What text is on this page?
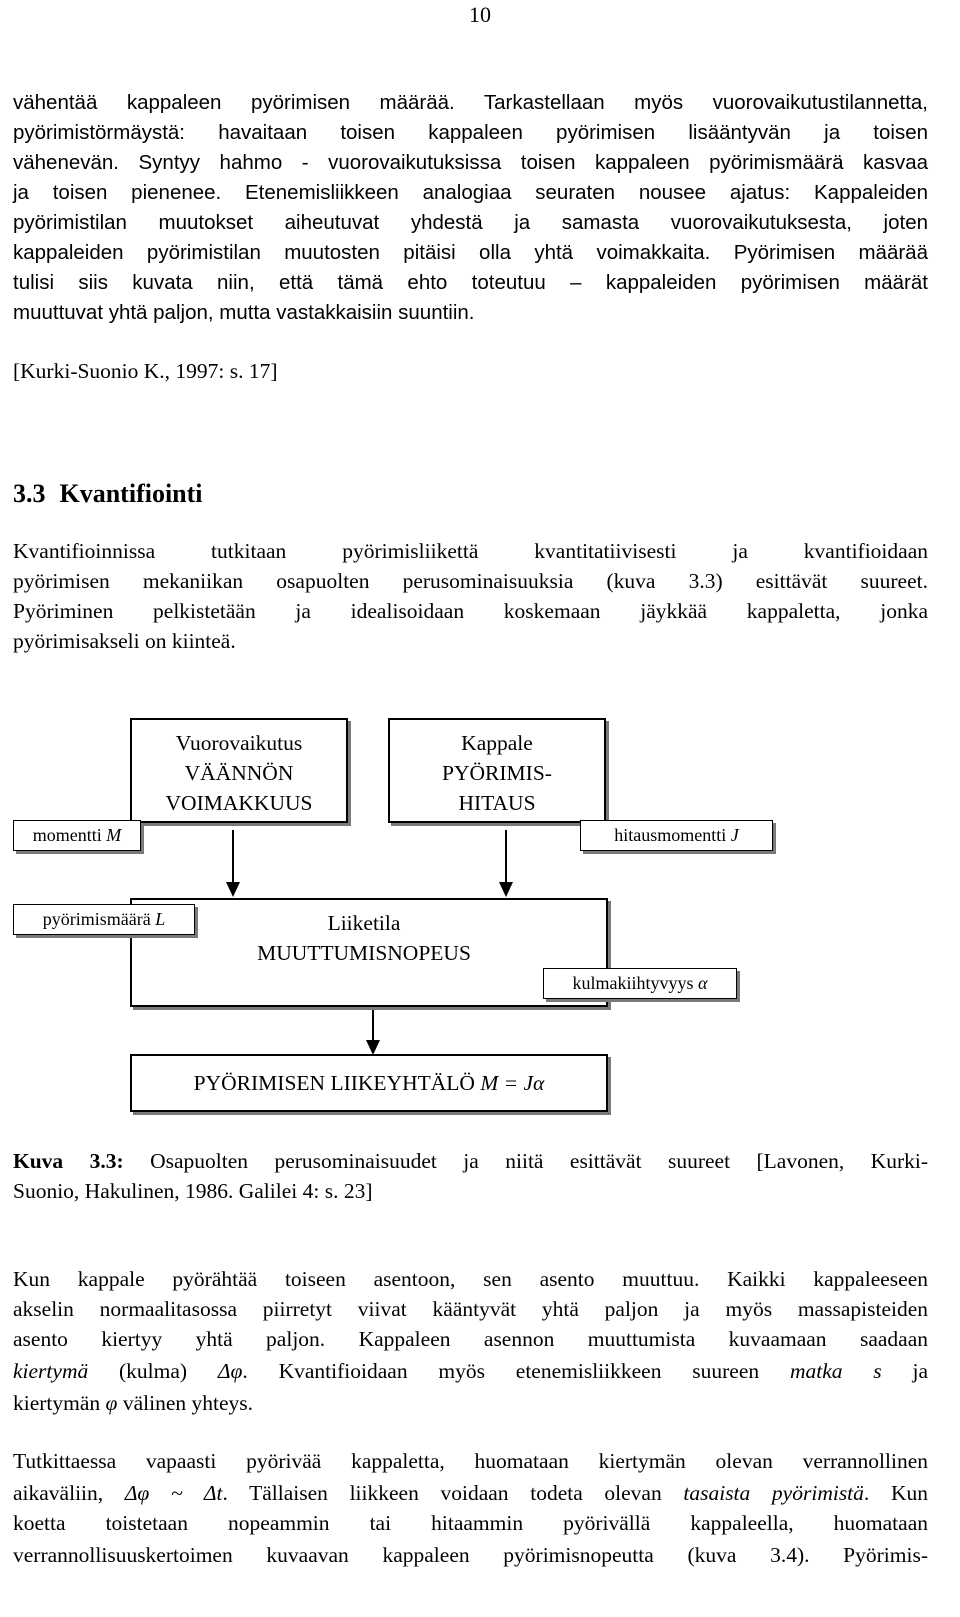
10
vähentää kappaleen pyörimisen määrää. Tarkastellaan myös vuorovaikutustilannetta,
pyörimistörmäystä: havaitaan toisen kappaleen pyörimisen lisääntyvän ja toisen
vähenevän. Syntyy hahmo - vuorovaikutuksissa toisen kappaleen pyörimismäärä kasvaa
ja toisen pienenee. Etenemisliikkeen analogiaa seuraten nousee ajatus: Kappaleiden
pyörimistilan muutokset aiheutuvat yhdestä ja samasta vuorovaikutuksesta, joten
kappaleiden pyörimistilan muutosten pitäisi olla yhtä voimakkaita. Pyörimisen määrää
tulisi siis kuvata niin, että tämä ehto toteutuu – kappaleiden pyörimisen määrät
muuttuvat yhtä paljon, mutta vastakkaisiin suuntiin.
[Kurki-Suonio K., 1997: s. 17]
3.3 Kvantifiointi
Kvantifioinnissa tutkitaan pyörimisliikettä kvantitatiivisesti ja kvantifioidaan
pyörimisen mekaniikan osapuolten perusominaisuuksia (kuva 3.3) esittävät suureet.
Pyöriminen pelkistetään ja idealisoidaan koskemaan jäykkää kappaletta, jonka
pyörimisakseli on kiinteä.
Vuorovaikutus
VÄÄNNÖN
VOIMAKKUUS
Kappale
PYÖRIMIS-
HITAUS
momentti M	hitausmomentti J
Liiketila
MUUTTUMISNOPEUS
pyörimismäärä L
kulmakiihtyvyys α
PYÖRIMISEN LIIKEYHTÄLÖ M = Jα
Kuva 3.3: Osapuolten perusominaisuudet ja niitä esittävät suureet [Lavonen, Kurki-
Suonio, Hakulinen, 1986. Galilei 4: s. 23]
Kun kappale pyörähtää toiseen asentoon, sen asento muuttuu. Kaikki kappaleeseen
akselin normaalitasossa piirretyt viivat kääntyvät yhtä paljon ja myös massapisteiden
asento kiertyy yhtä paljon. Kappaleen asennon muuttumista kuvaamaan saadaan
kiertymä (kulma) Δφ. Kvantifioidaan myös etenemisliikkeen suureen matka s ja
kiertymän φ välinen yhteys.
Tutkittaessa vapaasti pyörivää kappaletta, huomataan kiertymän olevan verrannollinen
aikaväliin, Δφ ~ Δt. Tällaisen liikkeen voidaan todeta olevan tasaista pyörimistä. Kun
koetta toistetaan nopeammin tai hitaammin pyörivällä kappaleella, huomataan
verrannollisuuskertoimen kuvaavan kappaleen pyörimisnopeutta (kuva 3.4). Pyörimis-
